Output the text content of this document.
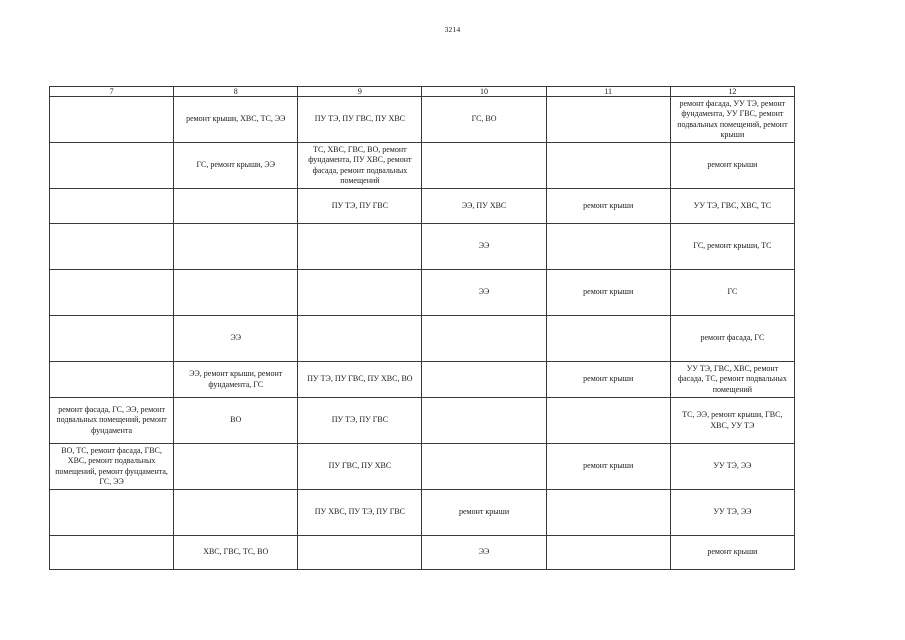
3214
7	8	9	10	11	12
	ремонт крыши, ХВС, ТС, ЭЭ	ПУ ТЭ, ПУ ГВС, ПУ ХВС	ГС, ВО		ремонт фасада, УУ ТЭ, ремонт фундамента, УУ ГВС, ремонт подвальных помещений, ремонт крыши
	ГС, ремонт крыши, ЭЭ	ТС, ХВС, ГВС, ВО, ремонт фундамента, ПУ ХВС, ремонт фасада, ремонт подвальных помещений			ремонт крыши
		ПУ ТЭ, ПУ ГВС	ЭЭ, ПУ ХВС	ремонт крыши	УУ ТЭ, ГВС, ХВС, ТС
			ЭЭ		ГС, ремонт крыши, ТС
			ЭЭ	ремонт крыши	ГС
	ЭЭ				ремонт фасада, ГС
	ЭЭ, ремонт крыши, ремонт фундамента, ГС	ПУ ТЭ, ПУ ГВС, ПУ ХВС, ВО		ремонт крыши	УУ ТЭ, ГВС, ХВС, ремонт фасада, ТС, ремонт подвальных помещений
ремонт фасада, ГС, ЭЭ, ремонт подвальных помещений, ремонт фундамента	ВО	ПУ ТЭ, ПУ ГВС			ТС, ЭЭ, ремонт крыши, ГВС, ХВС, УУ ТЭ
ВО, ТС, ремонт фасада, ГВС, ХВС, ремонт подвальных помещений, ремонт фундамента, ГС, ЭЭ		ПУ ГВС, ПУ ХВС		ремонт крыши	УУ ТЭ, ЭЭ
		ПУ ХВС, ПУ ТЭ, ПУ ГВС	ремонт крыши		УУ ТЭ, ЭЭ
	ХВС, ГВС, ТС, ВО		ЭЭ		ремонт крыши
